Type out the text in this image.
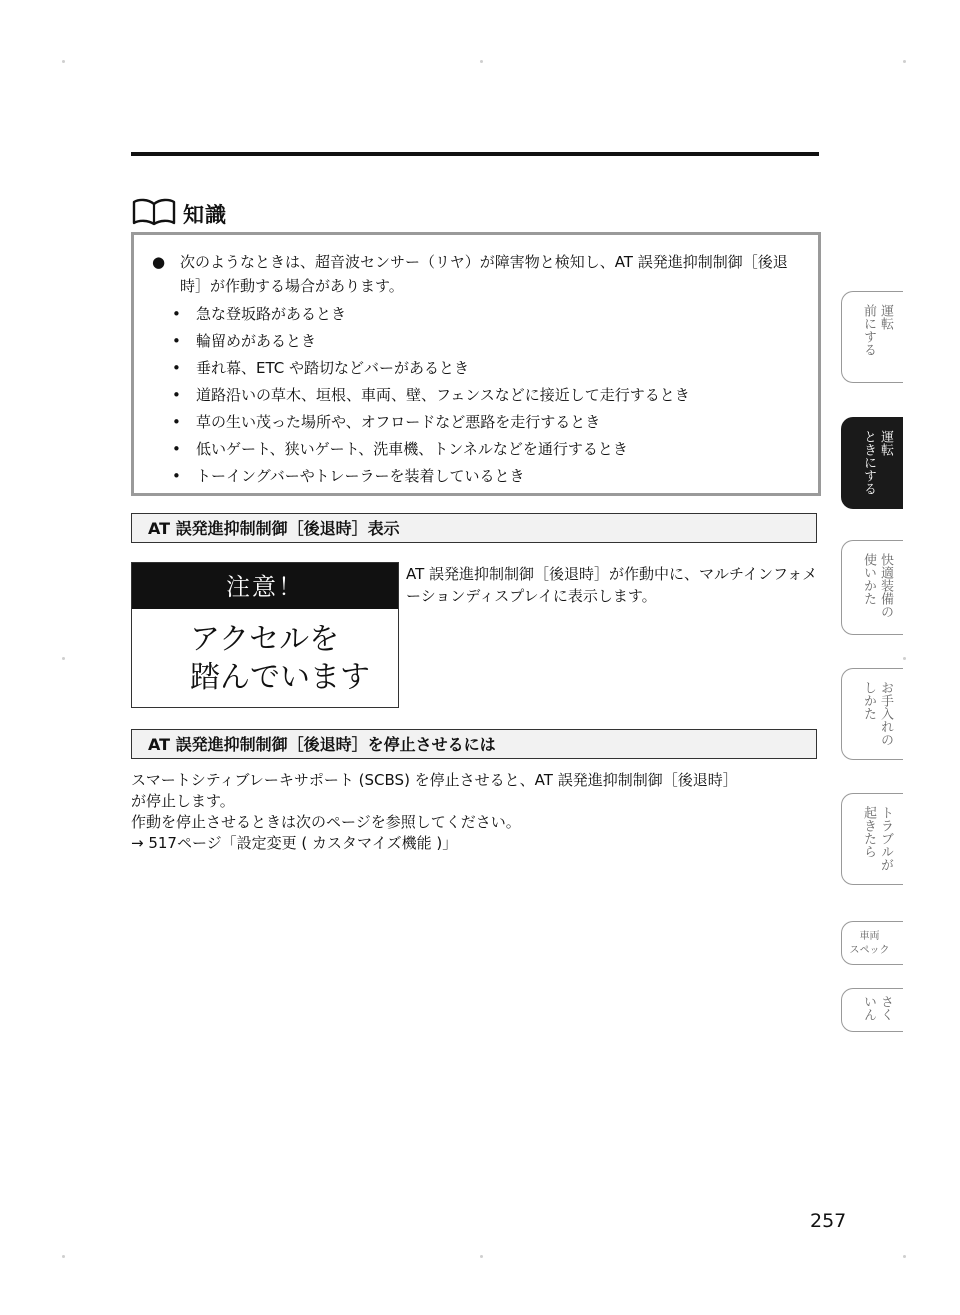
知識
● 次のようなときは、超音波センサー（リヤ）が障害物と検知し、AT 誤発進抑制制御［後退時］が作動する場合があります。
• 急な登坂路があるとき
• 輪留めがあるとき
• 垂れ幕、ETC や踏切などバーがあるとき
• 道路沿いの草木、垣根、車両、壁、フェンスなどに接近して走行するとき
• 草の生い茂った場所や、オフロードなど悪路を走行するとき
• 低いゲート、狭いゲート、洗車機、トンネルなどを通行するとき
• トーイングバーやトレーラーを装着しているとき
AT 誤発進抑制制御［後退時］表示
注意！
アクセルを
踏んでいます
AT 誤発進抑制制御［後退時］が作動中に、マルチインフォメーションディスプレイに表示します。
AT 誤発進抑制制御［後退時］を停止させるには
スマートシティブレーキサポート (SCBS) を停止させると、AT 誤発進抑制制御［後退時］
が停止します。
作動を停止させるときは次のページを参照してください。
→ 517ページ「設定変更 ( カスタマイズ機能 )」
運転
前にする
運転
ときにする
快適装備の
使いかた
お手入れの
しかた
トラブルが
起きたら
車両
スペック
さく
いん
257
